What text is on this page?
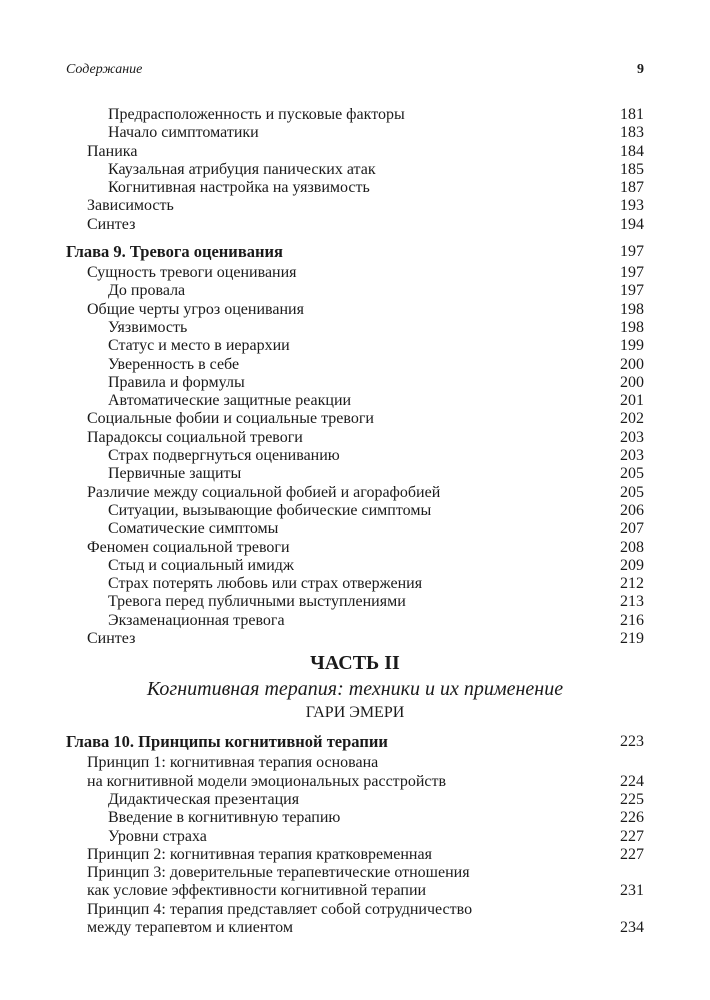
Содержание	9
Предрасположенность и пусковые факторы	181
Начало симптоматики	183
Паника	184
Каузальная атрибуция панических атак	185
Когнитивная настройка на уязвимость	187
Зависимость	193
Синтез	194
Глава 9. Тревога оценивания	197
Сущность тревоги оценивания	197
До провала	197
Общие черты угроз оценивания	198
Уязвимость	198
Статус и место в иерархии	199
Уверенность в себе	200
Правила и формулы	200
Автоматические защитные реакции	201
Социальные фобии и социальные тревоги	202
Парадоксы социальной тревоги	203
Страх подвергнуться оцениванию	203
Первичные защиты	205
Различие между социальной фобией и агорафобией	205
Ситуации, вызывающие фобические симптомы	206
Соматические симптомы	207
Феномен социальной тревоги	208
Стыд и социальный имидж	209
Страх потерять любовь или страх отвержения	212
Тревога перед публичными выступлениями	213
Экзаменационная тревога	216
Синтез	219
ЧАСТЬ II
Когнитивная терапия: техники и их применение
ГАРИ ЭМЕРИ
Глава 10. Принципы когнитивной терапии	223
Принцип 1: когнитивная терапия основана
на когнитивной модели эмоциональных расстройств	224
Дидактическая презентация	225
Введение в когнитивную терапию	226
Уровни страха	227
Принцип 2: когнитивная терапия кратковременная	227
Принцип 3: доверительные терапевтические отношения
как условие эффективности когнитивной терапии	231
Принцип 4: терапия представляет собой сотрудничество
между терапевтом и клиентом	234
